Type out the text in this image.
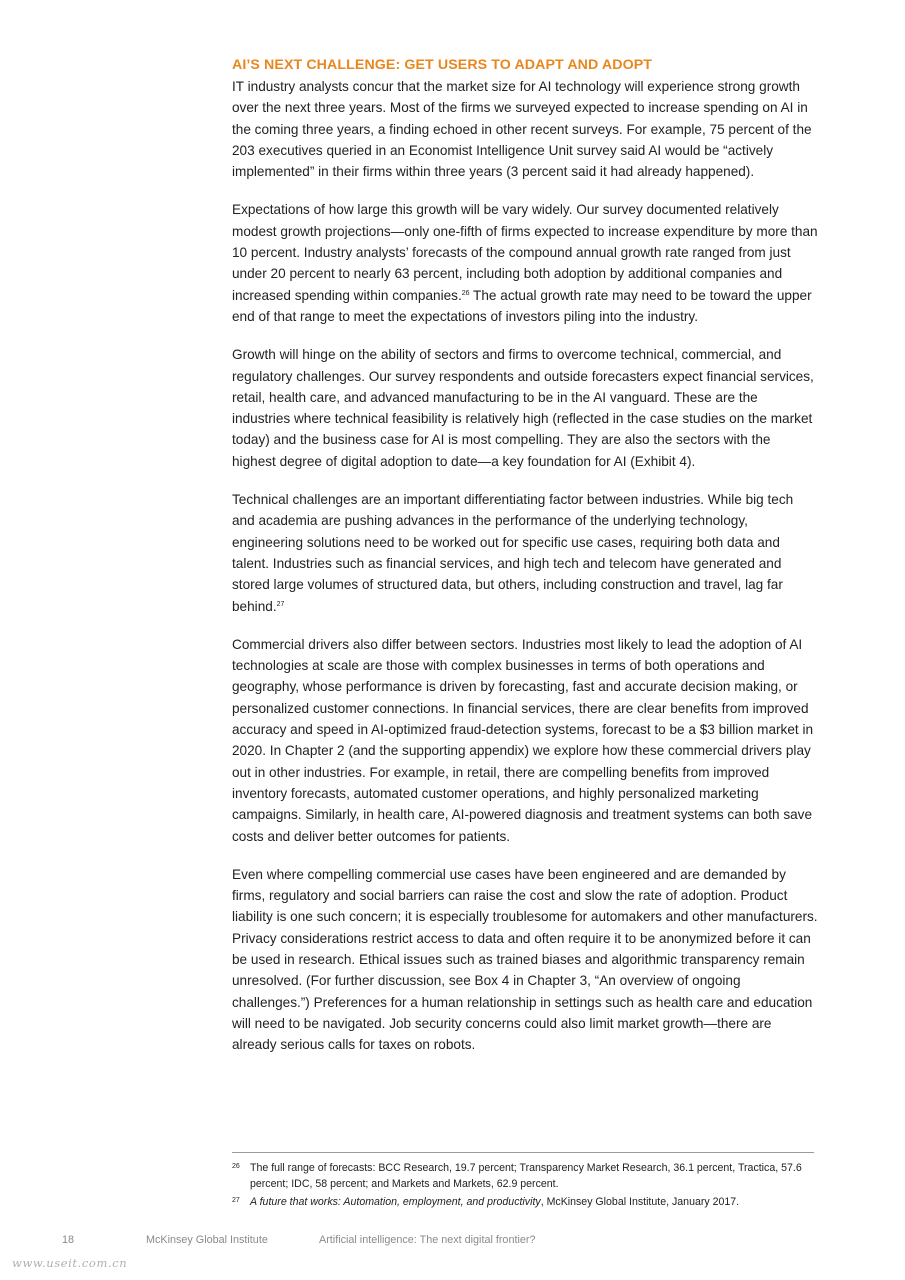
AI’S NEXT CHALLENGE: GET USERS TO ADAPT AND ADOPT

IT industry analysts concur that the market size for AI technology will experience strong growth over the next three years. Most of the firms we surveyed expected to increase spending on AI in the coming three years, a finding echoed in other recent surveys. For example, 75 percent of the 203 executives queried in an Economist Intelligence Unit survey said AI would be “actively implemented” in their firms within three years (3 percent said it had already happened).

Expectations of how large this growth will be vary widely. Our survey documented relatively modest growth projections—only one-fifth of firms expected to increase expenditure by more than 10 percent. Industry analysts’ forecasts of the compound annual growth rate ranged from just under 20 percent to nearly 63 percent, including both adoption by additional companies and increased spending within companies.$^{26}$ The actual growth rate may need to be toward the upper end of that range to meet the expectations of investors piling into the industry.

Growth will hinge on the ability of sectors and firms to overcome technical, commercial, and regulatory challenges. Our survey respondents and outside forecasters expect financial services, retail, health care, and advanced manufacturing to be in the AI vanguard. These are the industries where technical feasibility is relatively high (reflected in the case studies on the market today) and the business case for AI is most compelling. They are also the sectors with the highest degree of digital adoption to date—a key foundation for AI (Exhibit 4).

Technical challenges are an important differentiating factor between industries. While big tech and academia are pushing advances in the performance of the underlying technology, engineering solutions need to be worked out for specific use cases, requiring both data and talent. Industries such as financial services, and high tech and telecom have generated and stored large volumes of structured data, but others, including construction and travel, lag far behind.$^{27}$

Commercial drivers also differ between sectors. Industries most likely to lead the adoption of AI technologies at scale are those with complex businesses in terms of both operations and geography, whose performance is driven by forecasting, fast and accurate decision making, or personalized customer connections. In financial services, there are clear benefits from improved accuracy and speed in AI-optimized fraud-detection systems, forecast to be a $3 billion market in 2020. In Chapter 2 (and the supporting appendix) we explore how these commercial drivers play out in other industries. For example, in retail, there are compelling benefits from improved inventory forecasts, automated customer operations, and highly personalized marketing campaigns. Similarly, in health care, AI-powered diagnosis and treatment systems can both save costs and deliver better outcomes for patients.

Even where compelling commercial use cases have been engineered and are demanded by firms, regulatory and social barriers can raise the cost and slow the rate of adoption. Product liability is one such concern; it is especially troublesome for automakers and other manufacturers. Privacy considerations restrict access to data and often require it to be anonymized before it can be used in research. Ethical issues such as trained biases and algorithmic transparency remain unresolved. (For further discussion, see Box 4 in Chapter 3, “An overview of ongoing challenges.”) Preferences for a human relationship in settings such as health care and education will need to be navigated. Job security concerns could also limit market growth—there are already serious calls for taxes on robots.

26 The full range of forecasts: BCC Research, 19.7 percent; Transparency Market Research, 36.1 percent, Tractica, 57.6 percent; IDC, 58 percent; and Markets and Markets, 62.9 percent.
27 A future that works: Automation, employment, and productivity, McKinsey Global Institute, January 2017.
18	McKinsey Global Institute	Artificial intelligence: The next digital frontier?
www.useit.com.cn
